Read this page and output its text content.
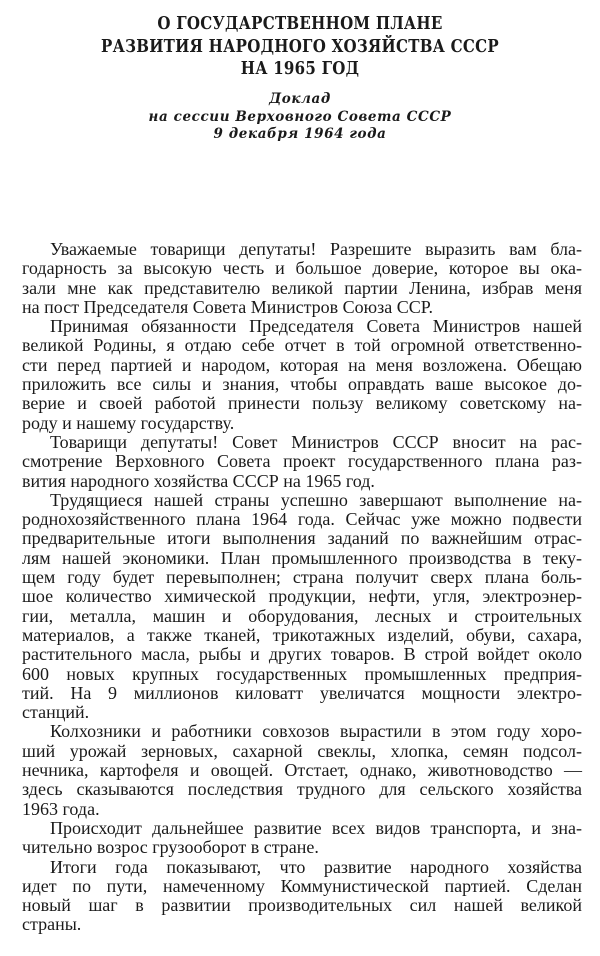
О ГОСУДАРСТВЕННОМ ПЛАНЕ
РАЗВИТИЯ НАРОДНОГО ХОЗЯЙСТВА СССР
НА 1965 ГОД
Доклад
на сессии Верховного Совета СССР
9 декабря 1964 года
Уважаемые товарищи депутаты! Разрешите выразить вам бла-
годарность за высокую честь и большое доверие, которое вы ока-
зали мне как представителю великой партии Ленина, избрав меня
на пост Председателя Совета Министров Союза ССР.
Принимая обязанности Председателя Совета Министров нашей
великой Родины, я отдаю себе отчет в той огромной ответственно-
сти перед партией и народом, которая на меня возложена. Обещаю
приложить все силы и знания, чтобы оправдать ваше высокое до-
верие и своей работой принести пользу великому советскому на-
роду и нашему государству.
Товарищи депутаты! Совет Министров СССР вносит на рас-
смотрение Верховного Совета проект государственного плана раз-
вития народного хозяйства СССР на 1965 год.
Трудящиеся нашей страны успешно завершают выполнение на-
роднохозяйственного плана 1964 года. Сейчас уже можно подвести
предварительные итоги выполнения заданий по важнейшим отрас-
лям нашей экономики. План промышленного производства в теку-
щем году будет перевыполнен; страна получит сверх плана боль-
шое количество химической продукции, нефти, угля, электроэнер-
гии, металла, машин и оборудования, лесных и строительных
материалов, а также тканей, трикотажных изделий, обуви, сахара,
растительного масла, рыбы и других товаров. В строй войдет около
600 новых крупных государственных промышленных предприя-
тий. На 9 миллионов киловатт увеличатся мощности электро-
станций.
Колхозники и работники совхозов вырастили в этом году хоро-
ший урожай зерновых, сахарной свеклы, хлопка, семян подсол-
нечника, картофеля и овощей. Отстает, однако, животноводство —
здесь сказываются последствия трудного для сельского хозяйства
1963 года.
Происходит дальнейшее развитие всех видов транспорта, и зна-
чительно возрос грузооборот в стране.
Итоги года показывают, что развитие народного хозяйства
идет по пути, намеченному Коммунистической партией. Сделан
новый шаг в развитии производительных сил нашей великой
страны.
